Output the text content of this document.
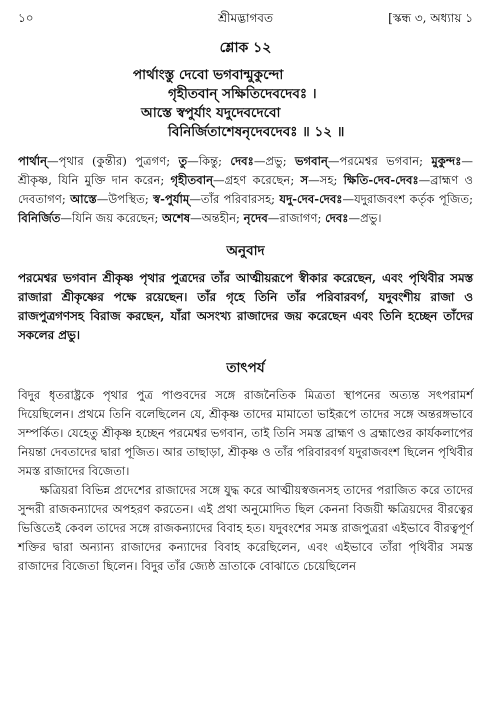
১০	শ্রীমদ্ভাগবত	[স্কন্ধ ৩, অধ্যায় ১
শ্লোক ১২
পার্থাংস্তু দেবো ভগবান্মুকুন্দো
গৃহীতবান্‌ সক্ষিতিদেবদেবঃ ।
আস্তে স্বপুর্যাং যদুদেবদেবো
বিনির্জিতাশেষনৃদেবদেবঃ ॥ ১২ ॥
পার্থান্—পৃথার (কুন্তীর) পুত্রগণ; তু—কিন্তু; দেবঃ—প্রভু; ভগবান্—পরমেশ্বর ভগবান; মুকুন্দঃ—শ্রীকৃষ্ণ, যিনি মুক্তি দান করেন; গৃহীতবান্—গ্রহণ করেছেন; স—সহ; ক্ষিতি-দেব-দেবঃ—ব্রাহ্মণ ও দেবতাগণ; আস্তে—উপস্থিত; স্ব-পুর্যাম্—তাঁর পরিবারসহ; যদু-দেব-দেবঃ—যদুরাজবংশ কর্তৃক পূজিত; বিনির্জিত—যিনি জয় করেছেন; অশেষ—অন্তহীন; নৃদেব—রাজাগণ; দেবঃ—প্রভু।
অনুবাদ
পরমেশ্বর ভগবান শ্রীকৃষ্ণ পৃথার পুত্রদের তাঁর আত্মীয়রূপে স্বীকার করেছেন, এবং পৃথিবীর সমস্ত রাজারা শ্রীকৃষ্ণের পক্ষে রয়েছেন। তাঁর গৃহে তিনি তাঁর পরিবারবর্গ, যদুবংশীয় রাজা ও রাজপুত্রগণসহ বিরাজ করছেন, যাঁরা অসংখ্য রাজাদের জয় করেছেন এবং তিনি হচ্ছেন তাঁদের সকলের প্রভু।
তাৎপর্য

বিদুর ধৃতরাষ্ট্রকে পৃথার পুত্র পাণ্ডবদের সঙ্গে রাজনৈতিক মিত্রতা স্থাপনের অত্যন্ত সৎপরামর্শ দিয়েছিলেন। প্রথমে তিনি বলেছিলেন যে, শ্রীকৃষ্ণ তাদের মামাতো ভাইরূপে তাদের সঙ্গে অন্তরঙ্গভাবে সম্পর্কিত। যেহেতু শ্রীকৃষ্ণ হচ্ছেন পরমেশ্বর ভগবান, তাই তিনি সমস্ত ব্রাহ্মণ ও ব্রহ্মাণ্ডের কার্যকলাপের নিয়ন্তা দেবতাদের দ্বারা পূজিত। আর তাছাড়া, শ্রীকৃষ্ণ ও তাঁর পরিবারবর্গ যদুরাজবংশ ছিলেন পৃথিবীর সমস্ত রাজাদের বিজেতা।

ক্ষত্রিয়রা বিভিন্ন প্রদেশের রাজাদের সঙ্গে যুদ্ধ করে আত্মীয়স্বজনসহ তাদের পরাজিত করে তাদের সুন্দরী রাজকন্যাদের অপহরণ করতেন। এই প্রথা অনুমোদিত ছিল কেননা বিজয়ী ক্ষত্রিয়দের বীরত্বের ভিত্তিতেই কেবল তাদের সঙ্গে রাজকন্যাদের বিবাহ হত। যদুবংশের সমস্ত রাজপুত্ররা এইভাবে বীরত্বপূর্ণ শক্তির দ্বারা অন্যান্য রাজাদের কন্যাদের বিবাহ করেছিলেন, এবং এইভাবে তাঁরা পৃথিবীর সমস্ত রাজাদের বিজেতা ছিলেন। বিদুর তাঁর জ্যেষ্ঠ ভ্রাতাকে বোঝাতে চেয়েছিলেন
